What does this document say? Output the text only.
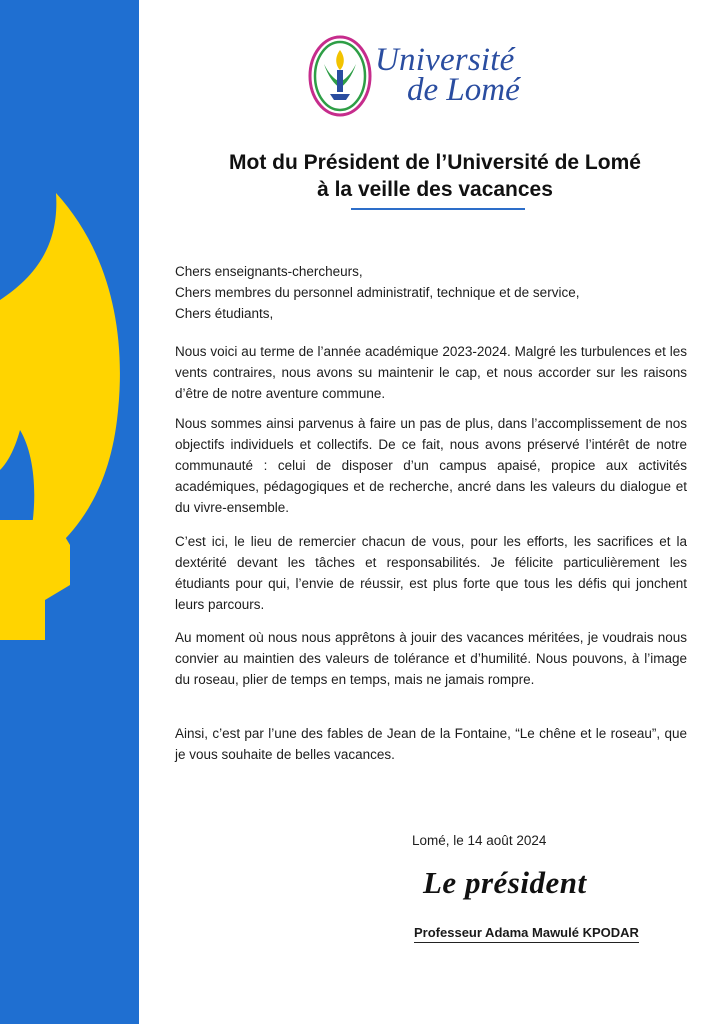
Université
de Lomé
Mot du Président de l’Université de Lomé
à la veille des vacances
Chers enseignants-chercheurs,
Chers membres du personnel administratif, technique et de service,
Chers étudiants,
Nous voici au terme de l’année académique 2023-2024. Malgré les turbulences et les vents contraires, nous avons su maintenir le cap, et nous accorder sur les raisons d’être de notre aventure commune.
Nous sommes ainsi parvenus à faire un pas de plus, dans l’accomplissement de nos objectifs individuels et collectifs. De ce fait, nous avons préservé l’intérêt de notre communauté : celui de disposer d’un campus apaisé, propice aux activités académiques, pédagogiques et de recherche, ancré dans les valeurs du dialogue et du vivre-ensemble.
C’est ici, le lieu de remercier chacun de vous, pour les efforts, les sacrifices et la dextérité devant les tâches et responsabilités. Je félicite particulièrement les étudiants pour qui, l’envie de réussir, est plus forte que tous les défis qui jonchent leurs parcours.
Au moment où nous nous apprêtons à jouir des vacances méritées, je voudrais nous convier au maintien des valeurs de tolérance et d’humilité. Nous pouvons, à l’image du roseau, plier de temps en temps, mais ne jamais rompre.
Ainsi, c’est par l’une des fables de Jean de la Fontaine, “Le chêne et le roseau”, que je vous souhaite de belles vacances.
Lomé, le 14 août 2024
Le président
Professeur Adama Mawulé KPODAR
